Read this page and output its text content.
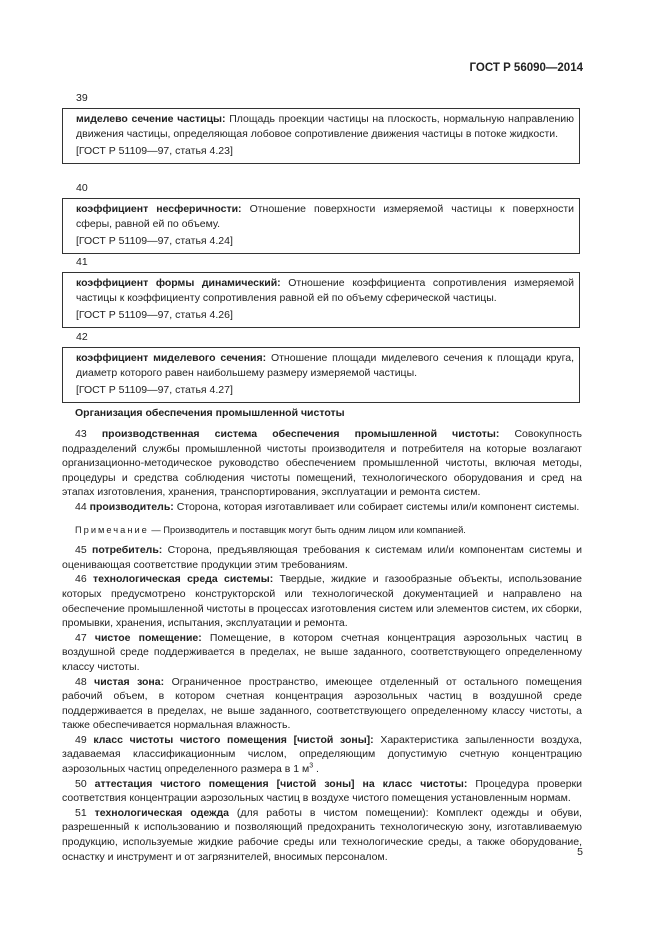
ГОСТ Р 56090—2014
39

миделево сечение частицы: Площадь проекции частицы на плоскость, нормальную направлению движения частицы, определяющая лобовое сопротивление движения частицы в потоке жидкости.

[ГОСТ Р 51109—97, статья 4.23]

40

коэффициент несферичности: Отношение поверхности измеряемой частицы к поверхности сферы, равной ей по объему.

[ГОСТ Р 51109—97, статья 4.24]

41

коэффициент формы динамический: Отношение коэффициента сопротивления измеряемой частицы к коэффициенту сопротивления равной ей по объему сферической частицы.

[ГОСТ Р 51109—97, статья 4.26]

42

коэффициент миделевого сечения: Отношение площади миделевого сечения к площади круга, диаметр которого равен наибольшему размеру измеряемой частицы.

[ГОСТ Р 51109—97, статья 4.27]

Организация обеспечения промышленной чистоты

43 производственная система обеспечения промышленной чистоты: Совокупность подразделений службы промышленной чистоты производителя и потребителя на которые возлагают организационно-методическое руководство обеспечением промышленной чистоты, включая методы, процедуры и средства соблюдения чистоты помещений, технологического оборудования и сред на этапах изготовления, хранения, транспортирования, эксплуатации и ремонта систем.

44 производитель: Сторона, которая изготавливает или собирает системы или/и компонент системы.

Примечание — Производитель и поставщик могут быть одним лицом или компанией.

45 потребитель: Сторона, предъявляющая требования к системам или/и компонентам системы и оценивающая соответствие продукции этим требованиям.

46 технологическая среда системы: Твердые, жидкие и газообразные объекты, использование которых предусмотрено конструкторской или технологической документацией и направлено на обеспечение промышленной чистоты в процессах изготовления систем или элементов систем, их сборки, промывки, хранения, испытания, эксплуатации и ремонта.

47 чистое помещение: Помещение, в котором счетная концентрация аэрозольных частиц в воздушной среде поддерживается в пределах, не выше заданного, соответствующего определенному классу чистоты.

48 чистая зона: Ограниченное пространство, имеющее отделенный от остального помещения рабочий объем, в котором счетная концентрация аэрозольных частиц в воздушной среде поддерживается в пределах, не выше заданного, соответствующего определенному классу чистоты, а также обеспечивается нормальная влажность.

49 класс чистоты чистого помещения [чистой зоны]: Характеристика запыленности воздуха, задаваемая классификационным числом, определяющим допустимую счетную концентрацию аэрозольных частиц определенного размера в 1 $м^3$ .

50 аттестация чистого помещения [чистой зоны] на класс чистоты: Процедура проверки соответствия концентрации аэрозольных частиц в воздухе чистого помещения установленным нормам.

51 технологическая одежда (для работы в чистом помещении): Комплект одежды и обуви, разрешенный к использованию и позволяющий предохранить технологическую зону, изготавливаемую продукцию, используемые жидкие рабочие среды или технологические среды, а также оборудование, оснастку и инструмент и от загрязнителей, вносимых персоналом.	5
